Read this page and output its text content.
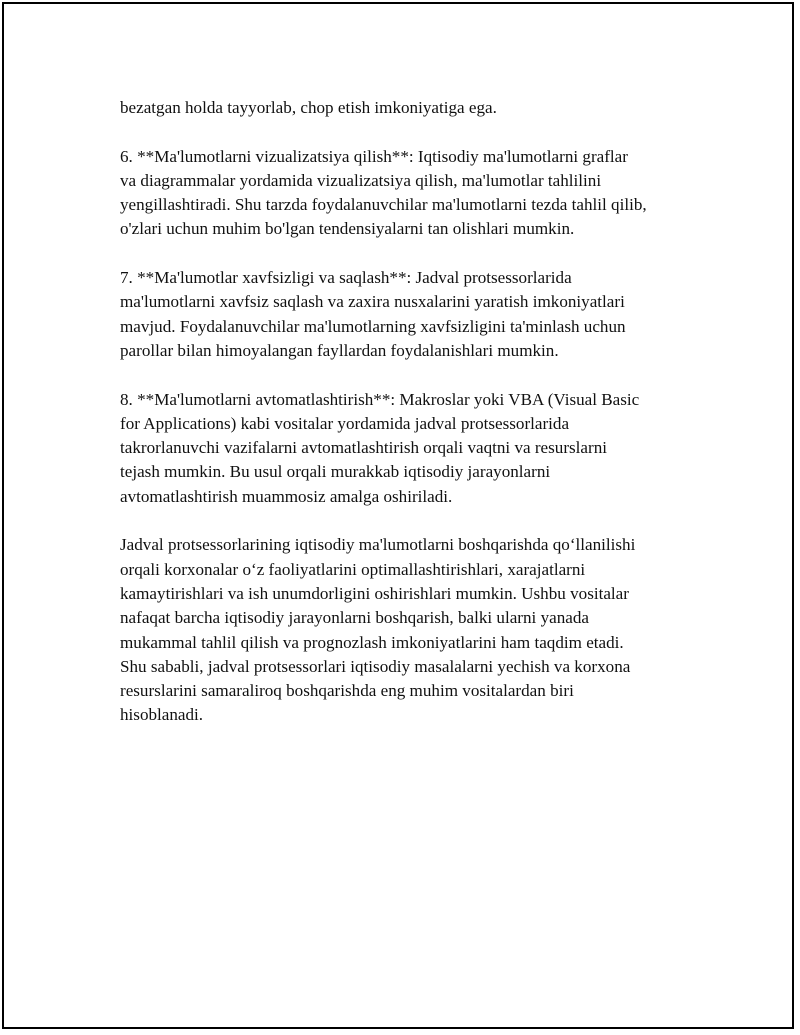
bezatgan holda tayyorlab, chop etish imkoniyatiga ega.

6. **Ma'lumotlarni vizualizatsiya qilish**: Iqtisodiy ma'lumotlarni graflar
va diagrammalar yordamida vizualizatsiya qilish, ma'lumotlar tahlilini
yengillashtiradi. Shu tarzda foydalanuvchilar ma'lumotlarni tezda tahlil qilib,
o'zlari uchun muhim bo'lgan tendensiyalarni tan olishlari mumkin.

7. **Ma'lumotlar xavfsizligi va saqlash**: Jadval protsessorlarida
ma'lumotlarni xavfsiz saqlash va zaxira nusxalarini yaratish imkoniyatlari
mavjud. Foydalanuvchilar ma'lumotlarning xavfsizligini ta'minlash uchun
parollar bilan himoyalangan fayllardan foydalanishlari mumkin.

8. **Ma'lumotlarni avtomatlashtirish**: Makroslar yoki VBA (Visual Basic
for Applications) kabi vositalar yordamida jadval protsessorlarida
takrorlanuvchi vazifalarni avtomatlashtirish orqali vaqtni va resurslarni
tejash mumkin. Bu usul orqali murakkab iqtisodiy jarayonlarni
avtomatlashtirish muammosiz amalga oshiriladi.

Jadval protsessorlarining iqtisodiy ma'lumotlarni boshqarishda qo‘llanilishi
orqali korxonalar o‘z faoliyatlarini optimallashtirishlari, xarajatlarni
kamaytirishlari va ish unumdorligini oshirishlari mumkin. Ushbu vositalar
nafaqat barcha iqtisodiy jarayonlarni boshqarish, balki ularni yanada
mukammal tahlil qilish va prognozlash imkoniyatlarini ham taqdim etadi.
Shu sababli, jadval protsessorlari iqtisodiy masalalarni yechish va korxona
resurslarini samaraliroq boshqarishda eng muhim vositalardan biri
hisoblanadi.
